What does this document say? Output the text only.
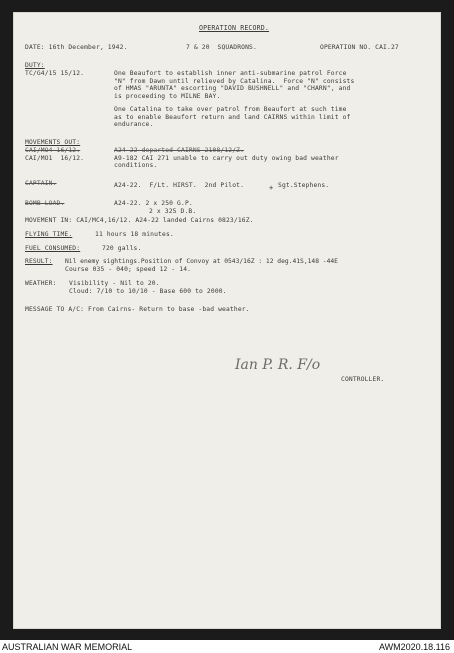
OPERATION RECORD.
DATE: 16th December, 1942.	7 & 20  SQUADRONS.	OPERATION NO. CAI.27
DUTY:
TC/G4/15 15/12.	One Beaufort to establish inner anti-submarine patrol Force
"N" from Dawn until relieved by Catalina.  Force "N" consists
of HMAS "ARUNTA" escorting "DAVID BUSHNELL" and "CHARN", and
is proceeding to MILNE BAY.
One Catalina to take over patrol from Beaufort at such time
as to enable Beaufort return and land CAIRNS within limit of
endurance.
MOVEMENTS OUT:
CAI/MO4 16/12.	A24-22 departed CAIRNS 2108/12/Z.
CAI/MO1  16/12.	A9-182 CAI 271 unable to carry out duty owing bad weather
conditions.
CAPTAIN.	A24-22.  F/Lt. HIRST.  2nd Pilot.	+ Sgt.Stephens.
BOMB LOAD.	A24-22. 2 x 250 G.P.
2 x 325 D.B.
MOVEMENT IN: CAI/MC4,16/12. A24-22 landed Cairns 0823/16Z.
FLYING TIME.	11 hours 18 minutes.
FUEL CONSUMED:	720 galls.
RESULT: Nil enemy sightings.Position of Convoy at 0543/16Z : 12 deg.41S,148 -44E
Course 035 - 040; speed 12 - 14.
WEATHER: Visibility - Nil to 20.
Cloud: 7/10 to 10/10 - Base 600 to 2000.
MESSAGE TO A/C: From Cairns- Return to base -bad weather.
Ian P. R. F/o
CONTROLLER.
AUSTRALIAN WAR MEMORIAL	AWM2020.18.116
